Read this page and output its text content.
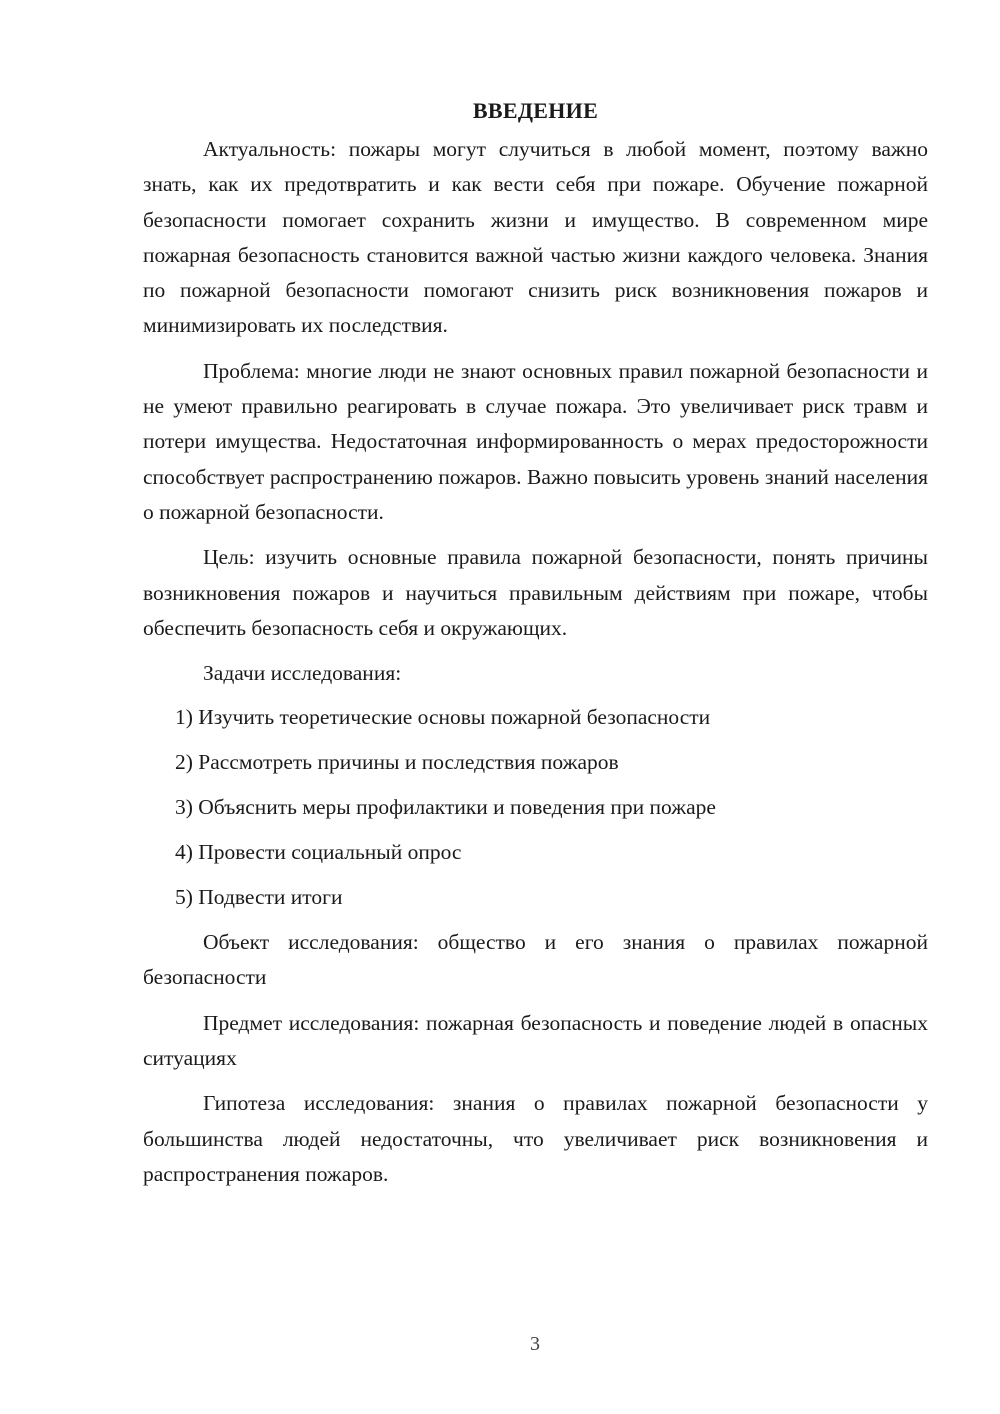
ВВЕДЕНИЕ

Актуальность: пожары могут случиться в любой момент, поэтому важно знать, как их предотвратить и как вести себя при пожаре. Обучение пожарной безопасности помогает сохранить жизни и имущество. В современном мире пожарная безопасность становится важной частью жизни каждого человека. Знания по пожарной безопасности помогают снизить риск возникновения пожаров и минимизировать их последствия.

Проблема: многие люди не знают основных правил пожарной безопасности и не умеют правильно реагировать в случае пожара. Это увеличивает риск травм и потери имущества. Недостаточная информированность о мерах предосторожности способствует распространению пожаров. Важно повысить уровень знаний населения о пожарной безопасности.

Цель: изучить основные правила пожарной безопасности, понять причины возникновения пожаров и научиться правильным действиям при пожаре, чтобы обеспечить безопасность себя и окружающих.

Задачи исследования:

1) Изучить теоретические основы пожарной безопасности
2) Рассмотреть причины и последствия пожаров
3) Объяснить меры профилактики и поведения при пожаре
4) Провести социальный опрос
5) Подвести итоги

Объект исследования: общество и его знания о правилах пожарной безопасности

Предмет исследования: пожарная безопасность и поведение людей в опасных ситуациях

Гипотеза исследования: знания о правилах пожарной безопасности у большинства людей недостаточны, что увеличивает риск возникновения и распространения пожаров.

3
